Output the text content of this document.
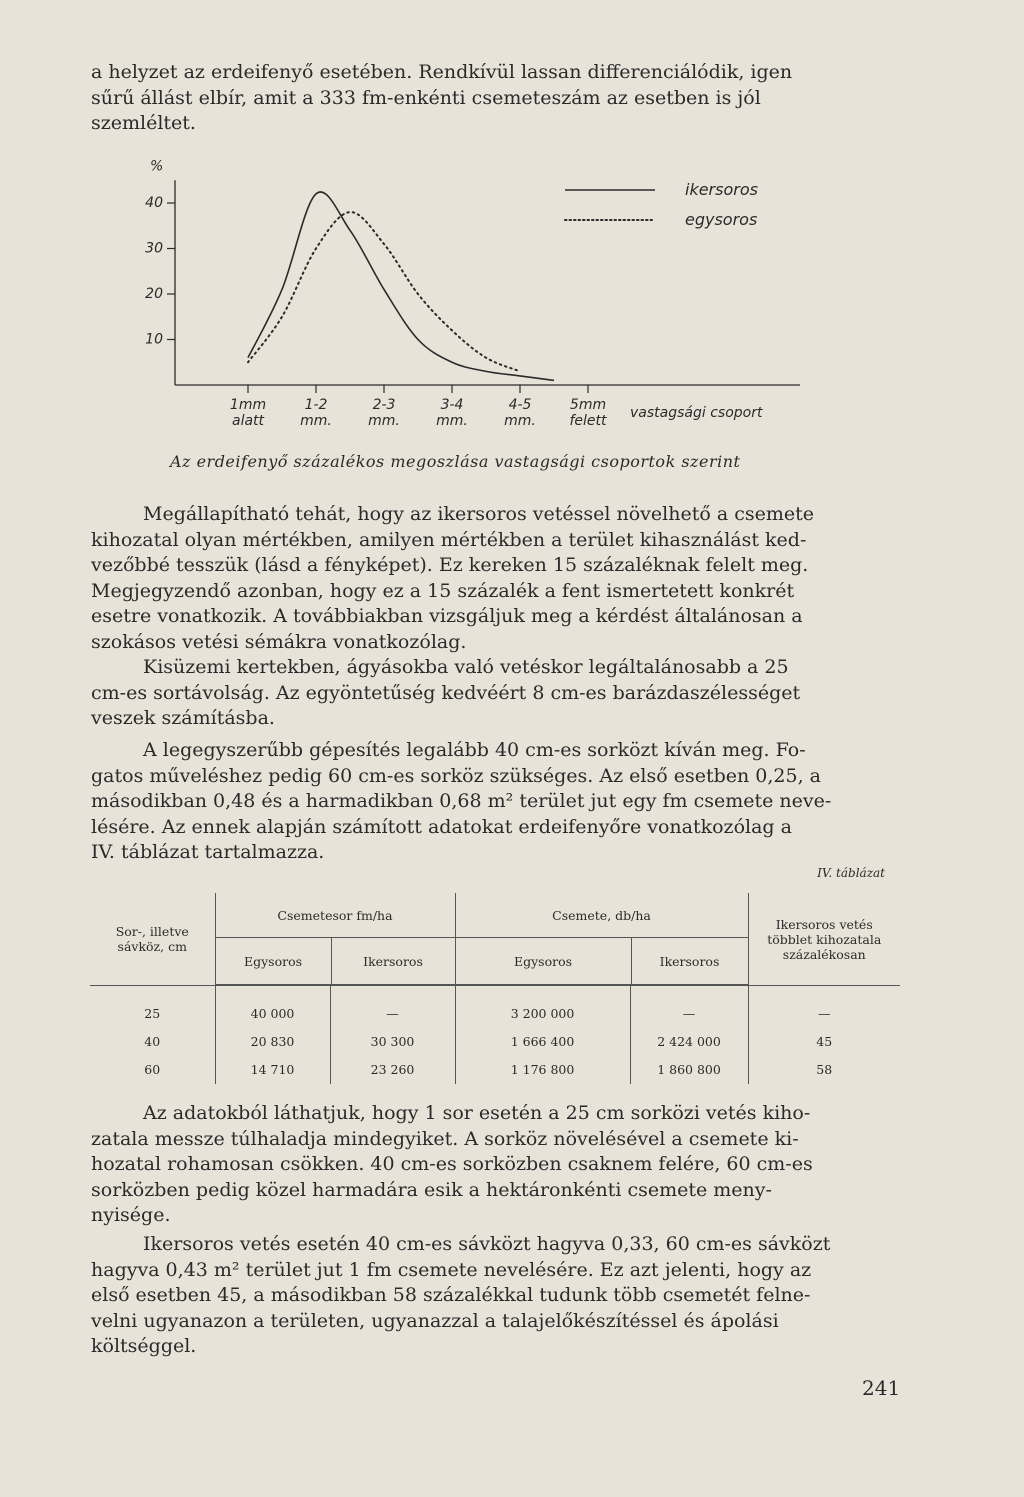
a helyzet az erdeifenyő esetében. Rendkívül lassan differenciálódik, igen
sűrű állást elbír, amit a 333 fm-enkénti csemeteszám az esetben is jól
szemléltet.

%
10
20
30
40
1mm
alatt
1-2
mm.
2-3
mm.
3-4
mm.
4-5
mm.
5mm
felett vastagsági csoport
ikersoros
egysoros
Az erdeifenyő százalékos megoszlása vastagsági csoportok szerint

Megállapítható tehát, hogy az ikersoros vetéssel növelhető a csemete
kihozatal olyan mértékben, amilyen mértékben a terület kihasználást ked-
vezőbbé tesszük (lásd a fényképet). Ez kereken 15 százaléknak felelt meg.
Megjegyzendő azonban, hogy ez a 15 százalék a fent ismertetett konkrét
esetre vonatkozik. A továbbiakban vizsgáljuk meg a kérdést általánosan a
szokásos vetési sémákra vonatkozólag.

Kisüzemi kertekben, ágyásokba való vetéskor legáltalánosabb a 25
cm-es sortávolság. Az egyöntetűség kedvéért 8 cm-es barázdaszélességet
veszek számításba.

A legegyszerűbb gépesítés legalább 40 cm-es sorközt kíván meg. Fo-
gatos műveléshez pedig 60 cm-es sorköz szükséges. Az első esetben 0,25, a
másodikban 0,48 és a harmadikban 0,68 m² terület jut egy fm csemete neve-
lésére. Az ennek alapján számított adatokat erdeifenyőre vonatkozólag a
IV. táblázat tartalmazza.

IV. táblázat
Sor-, illetve sávköz, cm

Csemetesor fm/ha
Egysoros	Ikersoros

Csemete, db/ha
Egysoros	Ikersoros

Ikersoros vetés többlet kihozatala százalékosan

25	40 000	—	3 200 000	—	—
40	20 830	30 300	1 666 400	2 424 000	45
60	14 710	23 260	1 176 800	1 860 800	58

Az adatokból láthatjuk, hogy 1 sor esetén a 25 cm sorközi vetés kiho-
zatala messze túlhaladja mindegyiket. A sorköz növelésével a csemete ki-
hozatal rohamosan csökken. 40 cm-es sorközben csaknem felére, 60 cm-es
sorközben pedig közel harmadára esik a hektáronkénti csemete meny-
nyisége.

Ikersoros vetés esetén 40 cm-es sávközt hagyva 0,33, 60 cm-es sávközt
hagyva 0,43 m² terület jut 1 fm csemete nevelésére. Ez azt jelenti, hogy az
első esetben 45, a másodikban 58 százalékkal tudunk több csemetét felne-
velni ugyanazon a területen, ugyanazzal a talajelőkészítéssel és ápolási
költséggel.

241
